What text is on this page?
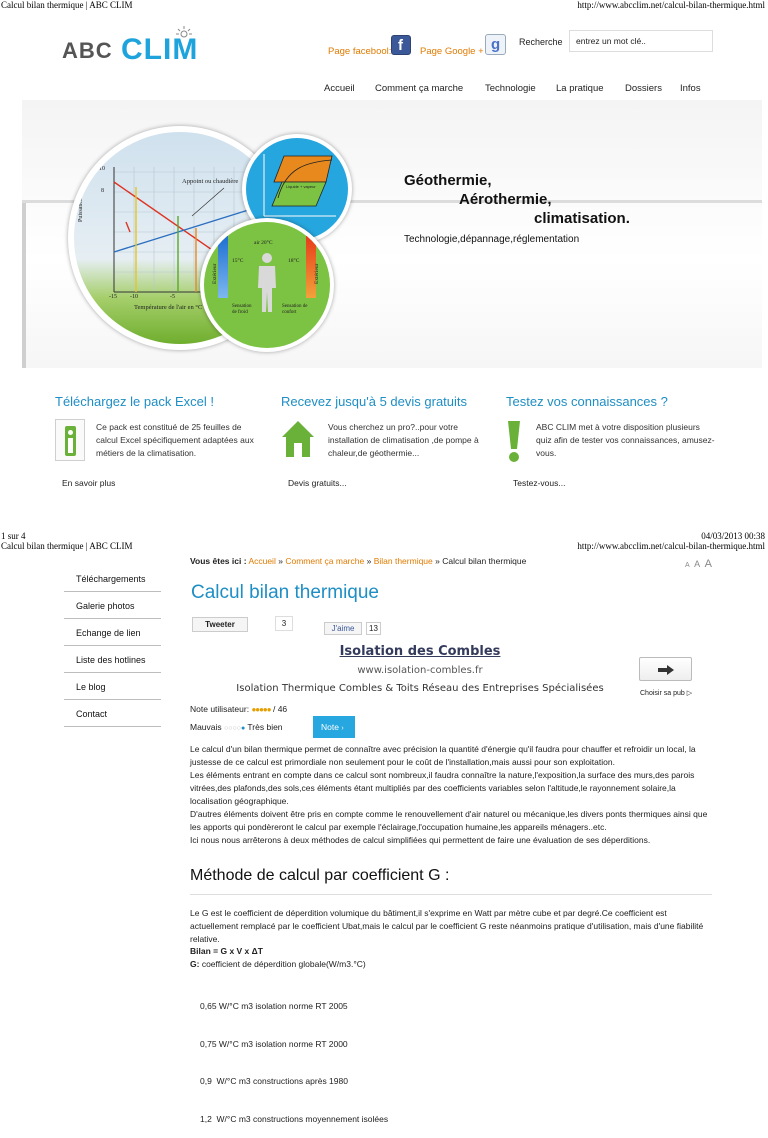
Calcul bilan thermique | ABC CLIM	http://www.abcclim.net/calcul-bilan-thermique.html
ABC CLIM	Page facebool: f Page Google + g Recherche
entrez un mot clé..
Accueil Comment ça marche Technologie La pratique Dossiers Infos
10
8
Puissance en Kw	Appoint ou chaudière
-15 -10	-5
Température de l'air en °C
Liquide + vapeur
Extérieur	Extérieur
air 20°C
15°C	18°C
Sensation de froid
Sensation de confort
Géothermie,
Aérothermie,
climatisation.
Technologie,dépannage,réglementation
Téléchargez le pack Excel !
Ce pack est constitué de 25 feuilles de calcul Excel spécifiquement adaptées aux métiers de la climatisation.
En savoir plus
Recevez jusqu'à 5 devis gratuits
Vous cherchez un pro?..pour votre installation de climatisation ,de pompe à chaleur,de géothermie...
Devis gratuits...
Testez vos connaissances ?
ABC CLIM met à votre disposition plusieurs quiz afin de tester vos connaissances, amusez-vous.
Testez-vous...
1 sur 4	04/03/2013 00:38
Calcul bilan thermique | ABC CLIM	http://www.abcclim.net/calcul-bilan-thermique.html
Téléchargements
Galerie photos
Echange de lien
Liste des hotlines
Le blog
Contact
Vous êtes ici : Accueil » Comment ça marche » Bilan thermique » Calcul bilan thermique	A A A
Calcul bilan thermique
Tweeter	3
J'aime	13
Isolation des Combles
www.isolation-combles.fr
Isolation Thermique Combles & Toits Réseau des Entreprises Spécialisées	Choisir sa pub ▷
Note utilisateur: ●●●●● / 46
Mauvais ○○○○● Très bien	Note ›
Le calcul d'un bilan thermique permet de connaître avec précision la quantité d'énergie qu'il faudra pour chauffer et refroidir un local, la justesse de ce calcul est primordiale non seulement pour le coût de l'installation,mais aussi pour son exploitation.
Les éléments entrant en compte dans ce calcul sont nombreux,il faudra connaître la nature,l'exposition,la surface des murs,des parois vitrées,des plafonds,des sols,ces éléments étant multipliés par des coefficients variables selon l'altitude,le rayonnement solaire,la localisation géographique.
D'autres éléments doivent être pris en compte comme le renouvellement d'air naturel ou mécanique,les divers ponts thermiques ainsi que les apports qui pondèreront le calcul par exemple l'éclairage,l'occupation humaine,les appareils ménagers..etc.
Ici nous nous arrêterons à deux méthodes de calcul simplifiées qui permettent de faire une évaluation de ses déperditions.
Méthode de calcul par coefficient G :
Le G est le coefficient de déperdition volumique du bâtiment,il s'exprime en Watt par mètre cube et par degré.Ce coefficient est actuellement remplacé par le coefficient Ubat,mais le calcul par le coefficient G reste néanmoins pratique d'utilisation, mais d'une fiabilité relative.
Bilan = G x V x ΔT
G: coefficient de déperdition globale(W/m3.°C)

0,65 W/°C m3 isolation norme RT 2005

0,75 W/°C m3 isolation norme RT 2000

0,9  W/°C m3 constructions après 1980

1,2  W/°C m3 constructions moyennement isolées
